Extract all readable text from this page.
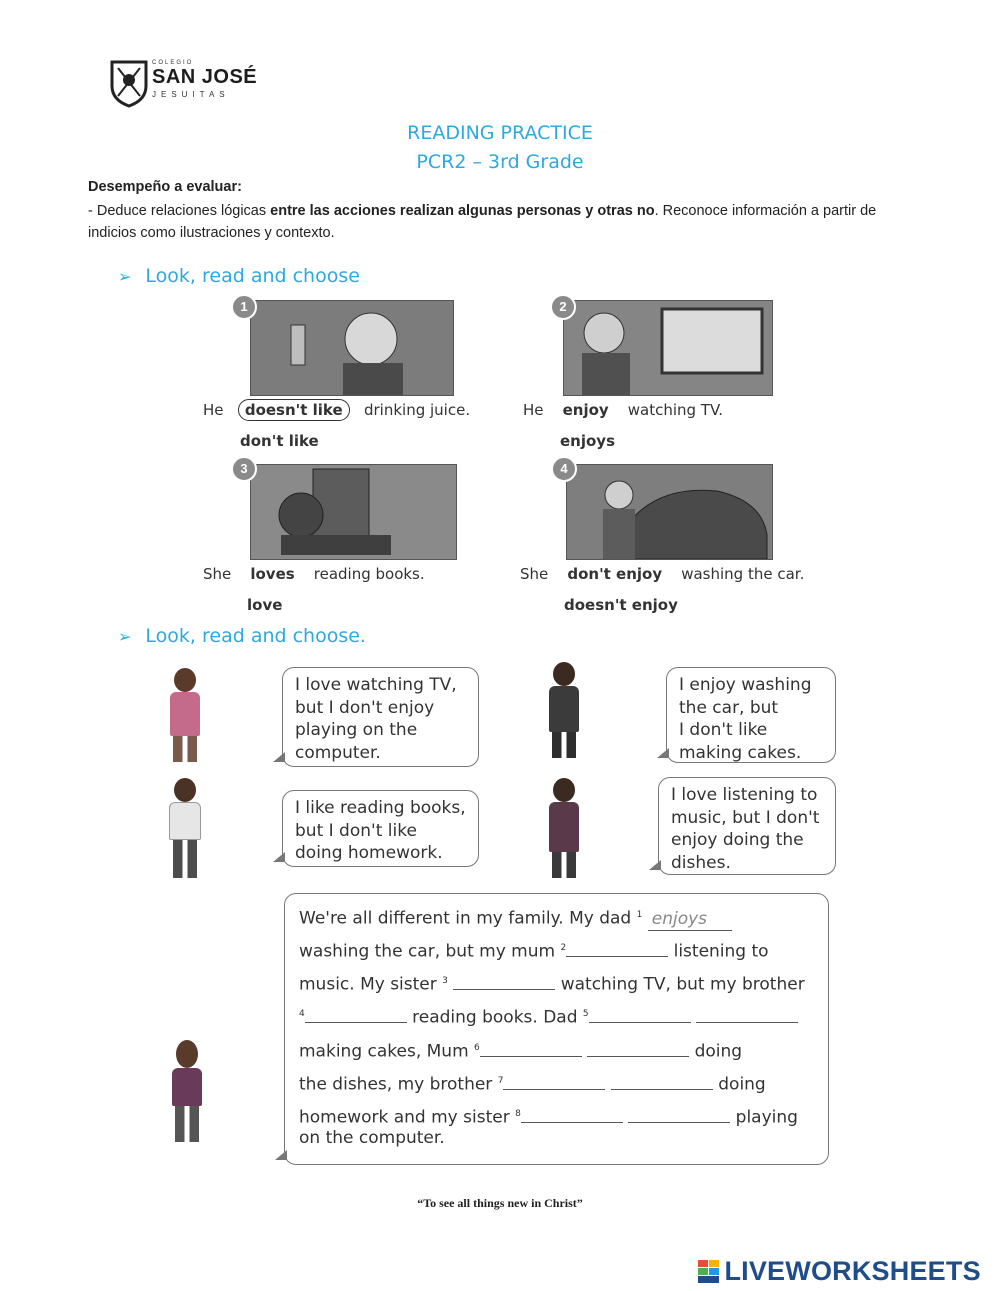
COLEGIO
SAN JOSÉ
JESUITAS
READING PRACTICE
PCR2 – 3rd Grade
Desempeño a evaluar:
- Deduce relaciones lógicas entre las acciones realizan algunas personas y otras no. Reconoce información a partir de indicios como ilustraciones y contexto.
➢ Look, read and choose
1
He doesn't like drinking juice.
don't like
2
He enjoy watching TV.
enjoys
3
She loves reading books.
love
4
She don't enjoy washing the car.
doesn't enjoy
➢ Look, read and choose.
I love watching TV,
but I don't enjoy
playing on the
computer.
I enjoy washing
the car, but
I don't like
making cakes.
I like reading books,
but I don't like
doing homework.
I love listening to
music, but I don't
enjoy doing the
dishes.
We're all different in my family. My dad $^1$ enjoys
washing the car, but my mum $^2$	listening to
music. My sister $^3$	watching TV, but my brother
$^4$	reading books. Dad $^5$
making cakes, Mum $^6$	doing
the dishes, my brother $^7$	doing
homework and my sister $^8$	playing
on the computer.
“To see all things new in Christ”
LIVEWORKSHEETS
